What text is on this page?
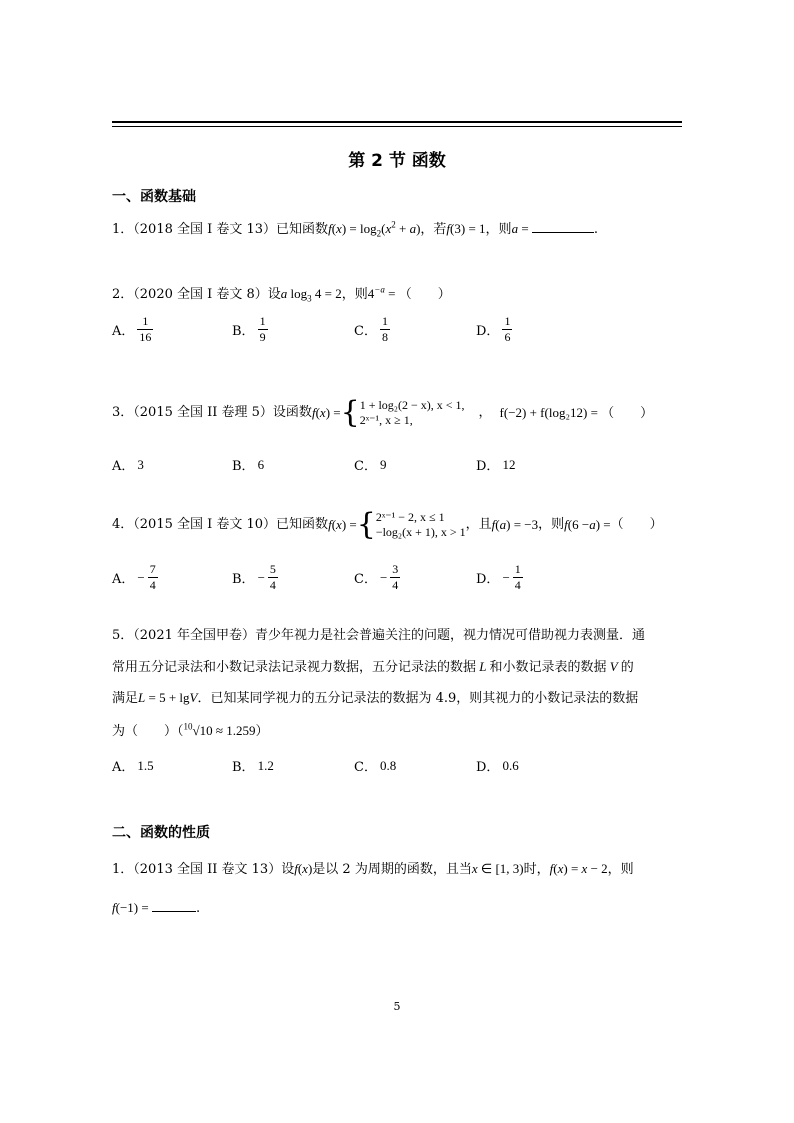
第 2 节 函数
一、函数基础
1．（2018 全国 I 卷文 13）已知函数$f(x) = \log_2(x^2 + a)$，若f(3) = 1，则a =	.
2．（2020 全国 I 卷文 8）设a $\log_3 4 = 2$，则$4^{-a}$ = （　　）
A． $\frac{1}{16}$	B． $\frac{1}{9}$	C． $\frac{1}{8}$	D． $\frac{1}{6}$
3．（2015 全国 II 卷理 5）设函数 f ( x ) = { 1 + log₂(2 − x), x < 1,
2ˣ⁻¹, x ≥ 1,	， f(−2) + f(log₂12) = （　　）
A． 3	B． 6	C． 9	D． 12
4．（2015 全国 I 卷文 10）已知函数 f ( x ) = { 2ˣ⁻¹ − 2, x ≤ 1
−log₂(x + 1), x > 1 ，且 f ( a ) = −3 ，则 f (6 − a ) = （　　）
A． − $\frac{7}{4}$	B． − $\frac{5}{4}$	C． − $\frac{3}{4}$	D． − $\frac{1}{4}$
5．（2021 年全国甲卷）青少年视力是社会普遍关注的问题，视力情况可借助视力表测量．通
常用五分记录法和小数记录法记录视力数据，五分记录法的数据 L 和小数记录表的数据 V 的
满足L = 5 + lgV．已知某同学视力的五分记录法的数据为 4.9，则其视力的小数记录法的数据
为（　　）（$^{10}$√10 ≈ 1.259）
A． 1.5	B． 1.2	C． 0.8	D． 0.6
二、函数的性质
1．（2013 全国 II 卷文 13）设f(x)是以 2 为周期的函数，且当x ∈ [1, 3)时，f(x) = x − 2，则
f(−1) =	.
5
